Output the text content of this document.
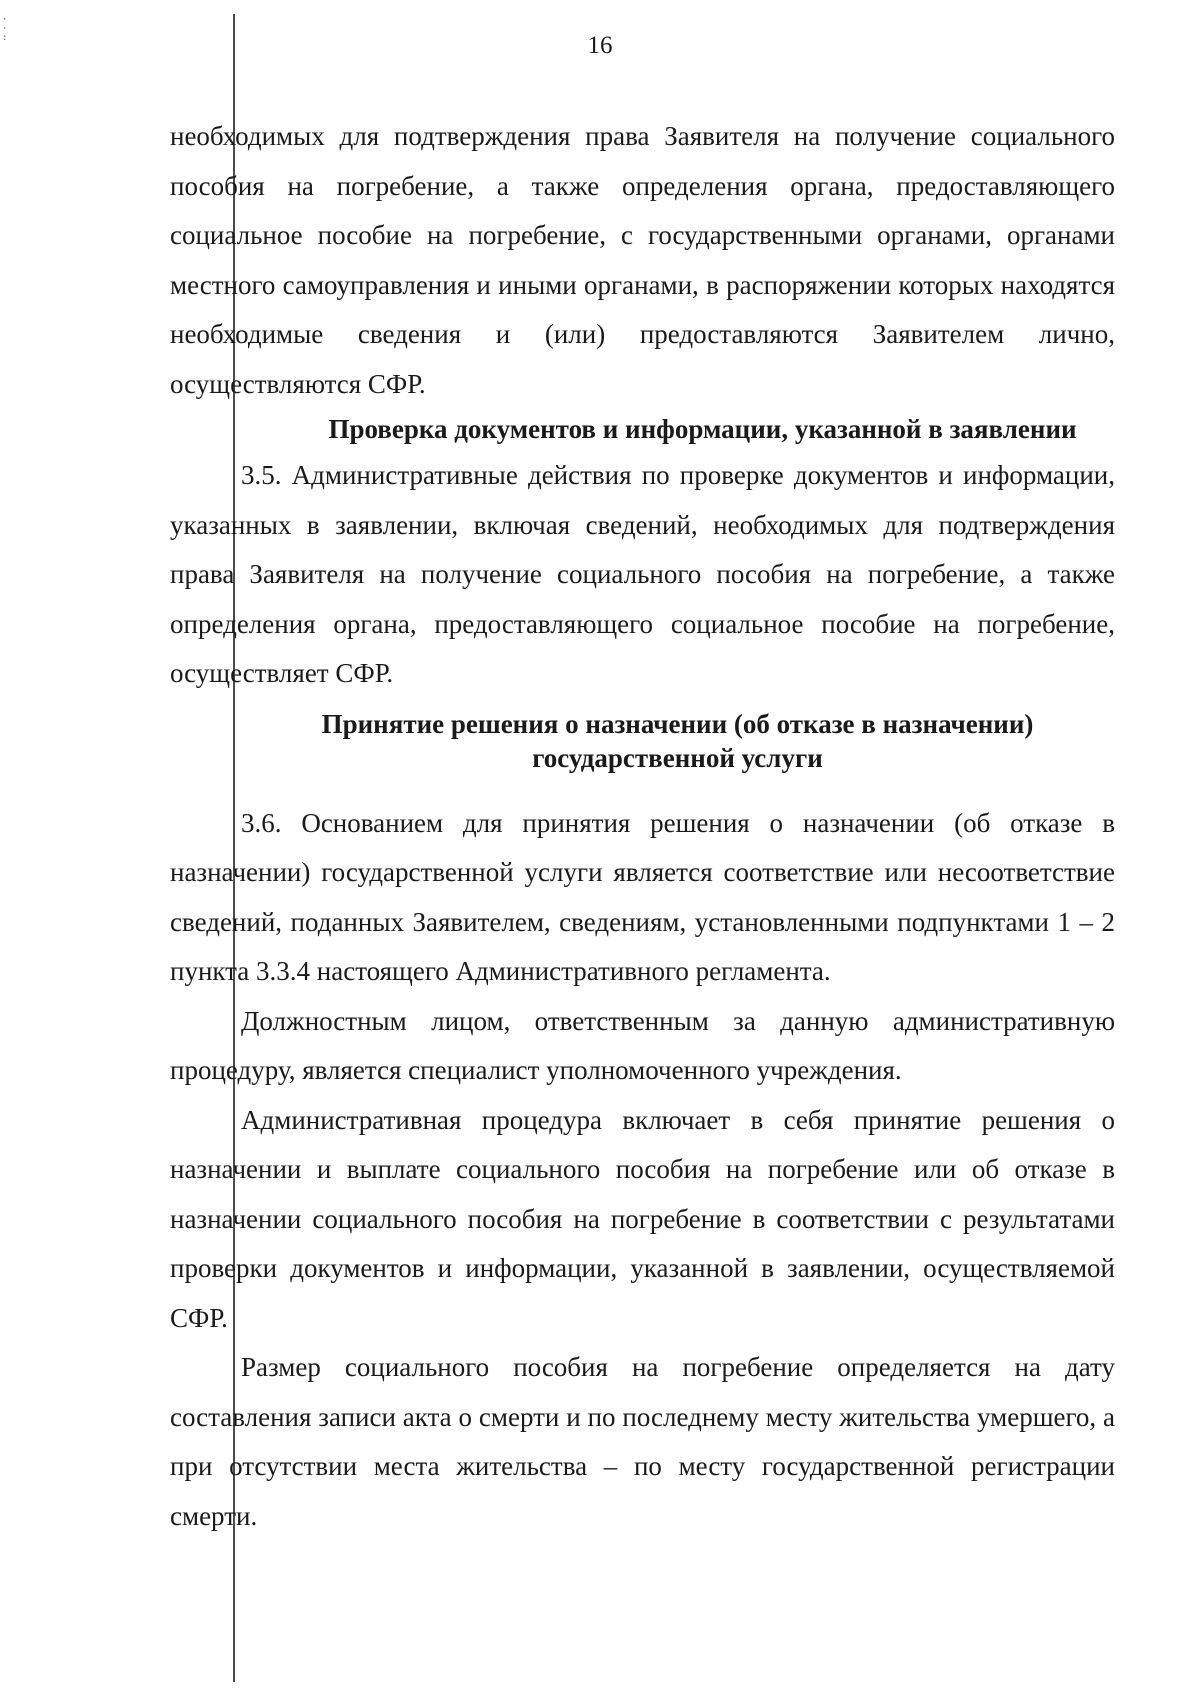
·
·
:	16

необходимых для подтверждения права Заявителя на получение социального пособия на погребение, а также определения органа, предоставляющего социальное пособие на погребение, с государственными органами, органами местного самоуправления и иными органами, в распоряжении которых находятся необходимые сведения и (или) предоставляются Заявителем лично, осуществляются СФР.

Проверка документов и информации, указанной в заявлении

3.5. Административные действия по проверке документов и информации, указанных в заявлении, включая сведений, необходимых для подтверждения права Заявителя на получение социального пособия на погребение, а также определения органа, предоставляющего социальное пособие на погребение, осуществляет СФР.

Принятие решения о назначении (об отказе в назначении)
государственной услуги

3.6. Основанием для принятия решения о назначении (об отказе в назначении) государственной услуги является соответствие или несоответствие сведений, поданных Заявителем, сведениям, установленными подпунктами 1 – 2 пункта 3.3.4 настоящего Административного регламента.

Должностным лицом, ответственным за данную административную процедуру, является специалист уполномоченного учреждения.

Административная процедура включает в себя принятие решения о назначении и выплате социального пособия на погребение или об отказе в назначении социального пособия на погребение в соответствии с результатами проверки документов и информации, указанной в заявлении, осуществляемой СФР.

Размер социального пособия на погребение определяется на дату составления записи акта о смерти и по последнему месту жительства умершего, а при отсутствии места жительства – по месту государственной регистрации смерти.
